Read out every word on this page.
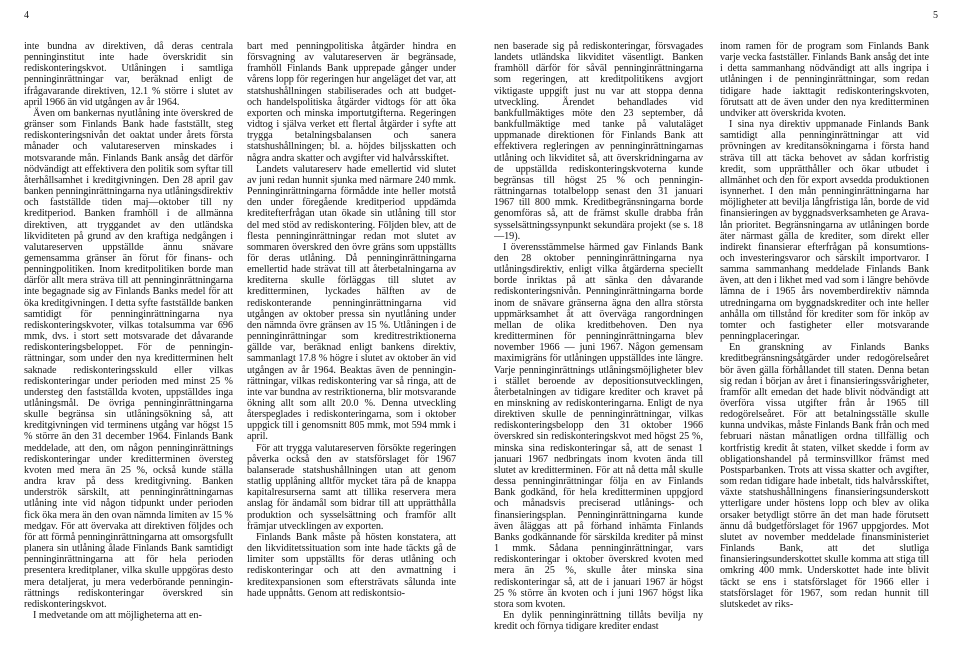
4	5

inte bundna av direktiven, då deras centrala penninginstitut inte hade överskridit sin rediskonteringskvot. Utlåningen i samtliga penninginrättningar var, beräknad enligt de ifrågavarande direktiven, 12.1 % större i slutet av april 1966 än vid utgången av år 1964.

Även om bankernas nyutlåning inte överskred de gränser som Finlands Bank hade fastställt, steg rediskonteringsnivån det oaktat under årets första månader och valutareserven minskades i motsvarande mån. Finlands Bank ansåg det därför nödvändigt att effektivera den politik som syftar till återhållsamhet i kreditgivningen. Den 28 april gav banken penninginrättningarna nya utlåningsdirektiv och fastställde tiden maj—oktober till ny kreditperiod. Banken framhöll i de allmänna direktiven, att tryggandet av den utländska likviditeten på grund av den kraftiga nedgången i valutareserven uppställde ännu snävare gemensamma gränser än förut för finans- och penningpolitiken. Inom kreditpolitiken borde man därför allt mera sträva till att penninginrättningarna inte begagnade sig av Finlands Banks medel för att öka kreditgivningen. I detta syfte fastställde banken samtidigt för penninginrättningarna nya rediskonteringskvoter, vilkas totalsumma var 696 mmk, dvs. i stort sett motsvarade det dåvarande rediskonteringsbeloppet. För de penninginrättningar, som under den nya kreditterminen helt saknade rediskonteringsskuld eller vilkas rediskonteringar under perioden med minst 25 % understeg den fastställda kvoten, uppställdes inga utlåningsmål. De övriga penninginrättningarna skulle begränsa sin utlåningsökning så, att kreditgivningen vid terminens utgång var högst 15 % större än den 31 december 1964. Finlands Bank meddelade, att den, om någon penninginrättnings rediskonteringar under kreditterminen översteg kvoten med mera än 25 %, också kunde ställa andra krav på dess kreditgivning. Banken underströk särskilt, att penninginrättningarnas utlåning inte vid någon tidpunkt under perioden fick öka mera än den ovan nämnda limiten av 15 % medgav. För att övervaka att direktiven följdes och för att förmå penninginrättningarna att omsorgsfullt planera sin utlåning ålade Finlands Bank samtidigt penninginrättningarna att för hela perioden presentera kreditplaner, vilka skulle uppgöras desto mera detaljerat, ju mera vederbörande penninginrättnings rediskonteringar överskred sin rediskonteringskvot.

I medvetande om att möjligheterna att en-

bart med penningpolitiska åtgärder hindra en försvagning av valutareserven är begränsade, framhöll Finlands Bank upprepade gånger under vårens lopp för regeringen hur angeläget det var, att statshushållningen stabiliserades och att budget- och handelspolitiska åtgärder vidtogs för att öka exporten och minska importutgifterna. Regeringen vidtog i själva verket ett flertal åtgärder i syfte att trygga betalningsbalansen och sanera statshushållningen; bl. a. höjdes biljsskatten och några andra skatter och avgifter vid halvårsskiftet.

Landets valutareserv hade emellertid vid slutet av juni redan hunnit sjunka med närmare 240 mmk. Penninginrättningarna förmådde inte heller motstå den under föregående kreditperiod uppdämda kreditefterfrågan utan ökade sin utlåning till stor del med stöd av rediskontering. Följden blev, att de flesta penninginrättningar redan mot slutet av sommaren överskred den övre gräns som uppställts för deras utlåning. Då penninginrättningarna emellertid hade strävat till att återbetalningarna av krediterna skulle förläggas till slutet av kreditterminen, lyckades hälften av de rediskonterande penninginrättningarna vid utgången av oktober pressa sin nyutlåning under den nämnda övre gränsen av 15 %. Utlåningen i de penninginrättningar som kreditrestriktionerna gällde var, beräknad enligt bankens direktiv, sammanlagt 17.8 % högre i slutet av oktober än vid utgången av år 1964. Beaktas även de penninginrättningar, vilkas rediskontering var så ringa, att de inte var bundna av restriktionerna, blir motsvarande ökning allt som allt 20.0 %. Denna utveckling återspeglades i rediskonteringarna, som i oktober uppgick till i genomsnitt 805 mmk, mot 594 mmk i april.

För att trygga valutareserven försökte regeringen påverka också den av statsförslaget för 1967 balanserade statshushållningen utan att genom statlig upplåning alltför mycket tära på de knappa kapitalresurserna samt att tillika reservera mera anslag för ändamål som bidrar till att upprätthålla produktion och sysselsättning och framför allt främjar utvecklingen av exporten.

Finlands Bank måste på hösten konstatera, att den likviditetssituation som inte hade täckts gå de limiter som uppställts för deras utlåning och rediskonteringar och att den avmattning i kreditexpansionen som eftersträvats sålunda inte hade uppnåtts. Genom att rediskontsio-

nen baserade sig på rediskonteringar, försvagades landets utländska likviditet väsentligt. Banken framhöll därför för såväl penninginrättningarna som regeringen, att kreditpolitikens avgjort viktigaste uppgift just nu var att stoppa denna utveckling. Ärendet behandlades vid bankfullmäktiges möte den 23 september, då bankfullmäktige med tanke på valutaläget uppmanade direktionen för Finlands Bank att effektivera regleringen av penninginrättningarnas utlåning och likviditet så, att överskridningarna av de uppställda rediskonteringskvoterna kunde begränsas till högst 25 % och penninginrättningarnas totalbelopp senast den 31 januari 1967 till 800 mmk. Kreditbegränsningarna borde genomföras så, att de främst skulle drabba från sysselsättningssynpunkt sekundära projekt (se s. 18—19).

I överensstämmelse härmed gav Finlands Bank den 28 oktober penninginrättningarna nya utlåningsdirektiv, enligt vilka åtgärderna speciellt borde inriktas på att sänka den dåvarande rediskonteringsnivån. Penninginrättningarna borde inom de snävare gränserna ägna den allra största uppmärksamhet åt att överväga rangordningen mellan de olika kreditbehoven. Den nya kreditterminen för penninginrättningarna blev november 1966 — juni 1967. Någon gemensam maximigräns för utlåningen uppställdes inte längre. Varje penninginrättnings utlåningsmöjligheter blev i stället beroende av depositionsutvecklingen, återbetalningen av tidigare krediter och kravet på en minskning av rediskonteringarna. Enligt de nya direktiven skulle de penninginrättningar, vilkas rediskonteringsbelopp den 31 oktober 1966 överskred sin rediskonteringskvot med högst 25 %, minska sina rediskonteringar så, att de senast 1 januari 1967 nedbringats inom kvoten ända till slutet av kreditterminen. För att nå detta mål skulle dessa penninginrättningar följa en av Finlands Bank godkänd, för hela kreditterminen uppgjord och månadsvis preciserad utlånings- och finansieringsplan. Penninginrättningarna kunde även åläggas att på förhand inhämta Finlands Banks godkännande för särskilda krediter på minst 1 mmk. Sådana penninginrättningar, vars rediskonteringar i oktober överskred kvoten med mera än 25 %, skulle åter minska sina rediskonteringar så, att de i januari 1967 är högst 25 % större än kvoten och i juni 1967 högst lika stora som kvoten.

En dylik penninginrättning tillåts bevilja ny kredit och förnya tidigare krediter endast

inom ramen för de program som Finlands Bank varje vecka fastställer. Finlands Bank ansåg det inte i detta sammanhang nödvändigt att alls ingripa i utlåningen i de penninginrättningar, som redan tidigare hade iakttagit rediskonteringskvoten, förutsatt att de även under den nya kreditterminen undviker att överskrida kvoten.

I sina nya direktiv uppmanade Finlands Bank samtidigt alla penninginrättningar att vid prövningen av kreditansökningarna i första hand sträva till att täcka behovet av sådan korfristig kredit, som upprätthåller och ökar utbudet i allmänhet och den för export avsedda produktionen isynnerhet. I den mån penninginrättningarna har möjligheter att bevilja långfristiga lån, borde de vid finansieringen av byggnadsverksamheten ge Arava-lån prioritet. Begränsningarna av utlåningen borde äter närmast gälla de krediter, som direkt eller indirekt finansierar efterfrågan på konsumtions- och investeringsvaror och särskilt importvaror. I samma sammanhang meddelade Finlands Bank även, att den i likhet med vad som i längre behövde lämna de i 1965 års novemberdirektiv nämnda utredningarna om byggnadskrediter och inte heller anhålla om tillstånd för krediter som för inköp av tomter och fastigheter eller motsvarande penningplaceringar.

En granskning av Finlands Banks kreditbegränsningsåtgärder under redogörelseåret bör även gälla förhållandet till staten. Denna betan sig redan i början av året i finansieringssvårigheter, framför allt emedan det hade blivit nödvändigt att överföra vissa utgifter från år 1965 till redogörelseåret. För att betalningsställe skulle kunna undvikas, måste Finlands Bank från och med februari nästan månatligen ordna tillfällig och kortfristig kredit åt staten, vilket skedde i form av obligationshandel på terminsvillkor främst med Postsparbanken. Trots att vissa skatter och avgifter, som redan tidigare hade inbetalt, tids halvårsskiftet, växte statshushållningens finansieringsunderskott ytterligare under höstens lopp och blev av olika orsaker betydligt större än det man hade förutsett ännu då budgetförslaget för 1967 uppgjordes. Mot slutet av november meddelade finansministeriet Finlands Bank, att det slutliga finansieringsunderskottet skulle komma att stiga till omkring 400 mmk. Underskottet hade inte blivit täckt se ens i statsförslaget för 1966 eller i statsförslaget för 1967, som redan hunnit till slutskedet av riks-
